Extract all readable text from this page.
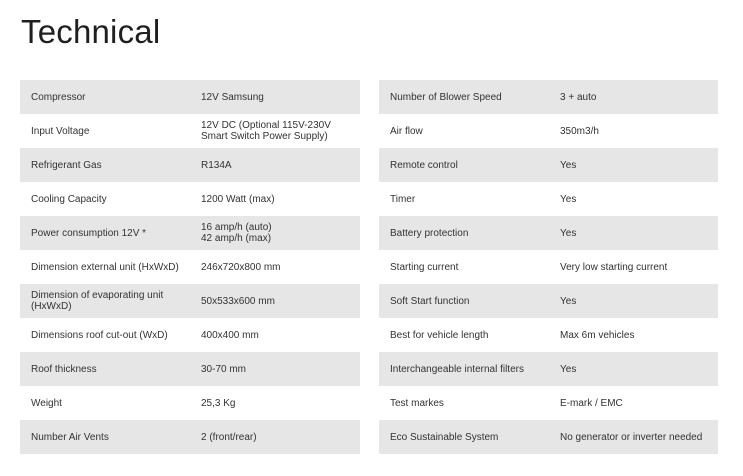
Technical
Compressor	12V Samsung
Input Voltage	12V DC (Optional 115V-230V Smart Switch Power Supply)
Refrigerant Gas	R134A
Cooling Capacity	1200 Watt (max)
Power consumption 12V *	16 amp/h (auto)
42 amp/h (max)
Dimension external unit (HxWxD)	246x720x800 mm
Dimension of evaporating unit (HxWxD)	50x533x600 mm
Dimensions roof cut-out (WxD)	400x400 mm
Roof thickness	30-70 mm
Weight	25,3 Kg
Number Air Vents	2 (front/rear)
Number of Blower Speed	3 + auto
Air flow	350m3/h
Remote control	Yes
Timer	Yes
Battery protection	Yes
Starting current	Very low starting current
Soft Start function	Yes
Best for vehicle length	Max 6m vehicles
Interchangeable internal filters	Yes
Test markes	E-mark / EMC
Eco Sustainable System	No generator or inverter needed
